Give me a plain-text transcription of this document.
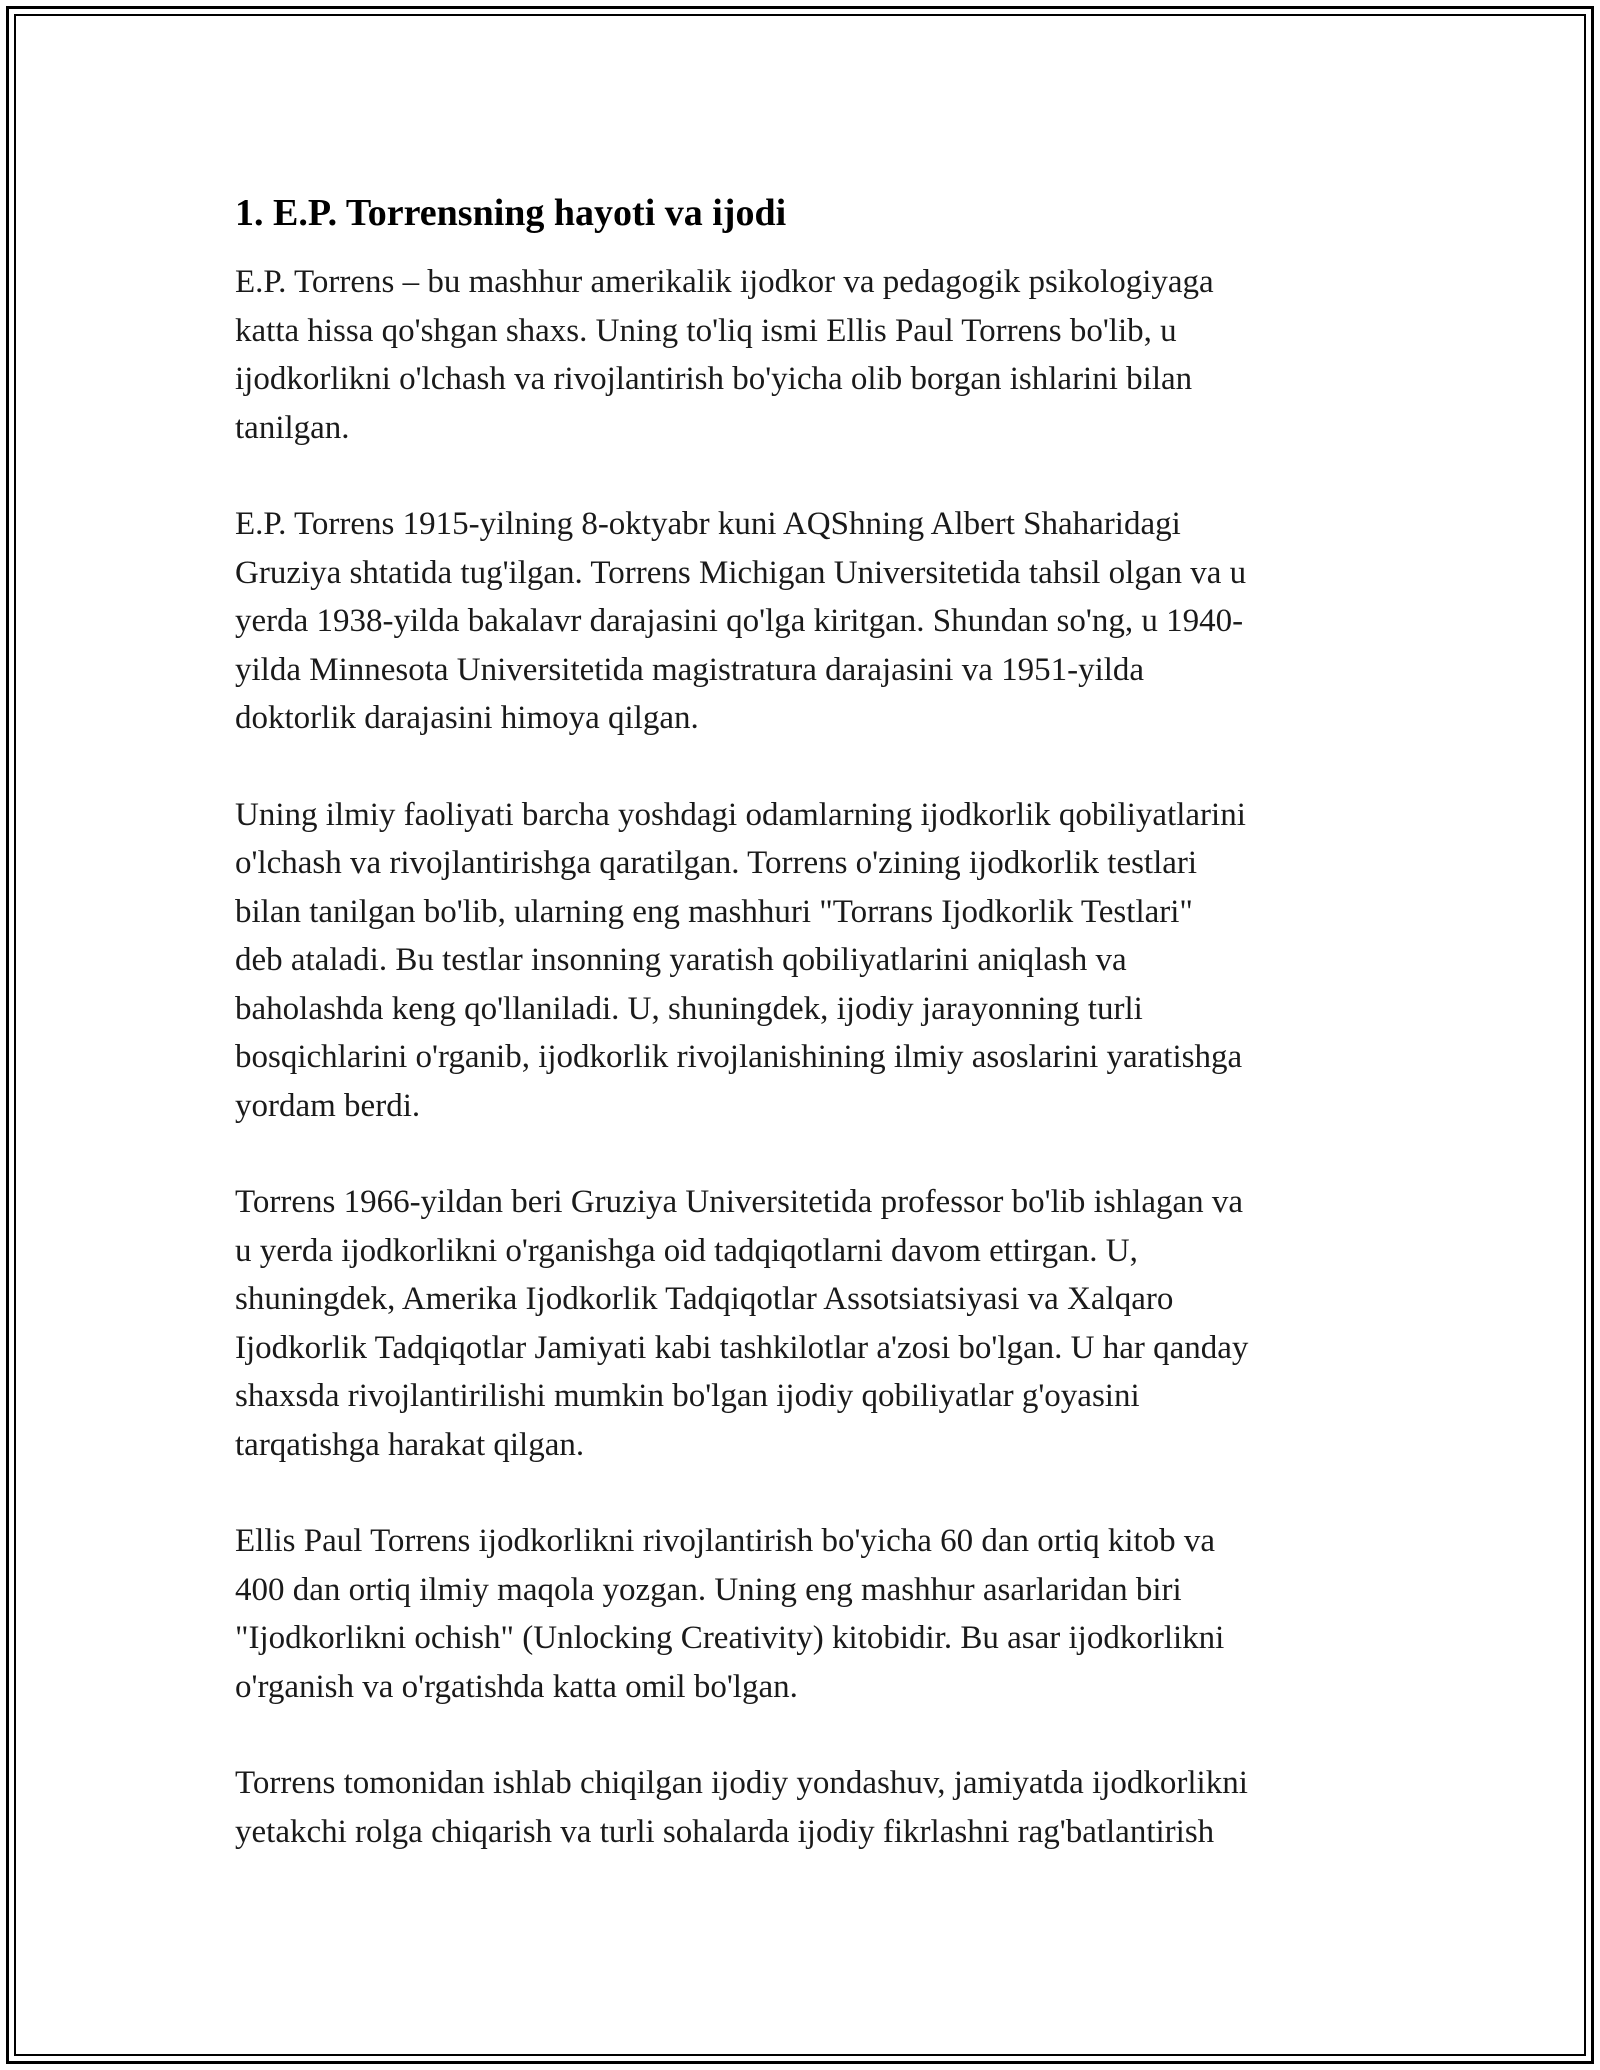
1. E.P. Torrensning hayoti va ijodi
E.P. Torrens – bu mashhur amerikalik ijodkor va pedagogik psikologiyaga
katta hissa qo'shgan shaxs. Uning to'liq ismi Ellis Paul Torrens bo'lib, u
ijodkorlikni o'lchash va rivojlantirish bo'yicha olib borgan ishlarini bilan
tanilgan.
E.P. Torrens 1915-yilning 8-oktyabr kuni AQShning Albert Shaharidagi
Gruziya shtatida tug'ilgan. Torrens Michigan Universitetida tahsil olgan va u
yerda 1938-yilda bakalavr darajasini qo'lga kiritgan. Shundan so'ng, u 1940-
yilda Minnesota Universitetida magistratura darajasini va 1951-yilda
doktorlik darajasini himoya qilgan.
Uning ilmiy faoliyati barcha yoshdagi odamlarning ijodkorlik qobiliyatlarini
o'lchash va rivojlantirishga qaratilgan. Torrens o'zining ijodkorlik testlari
bilan tanilgan bo'lib, ularning eng mashhuri "Torrans Ijodkorlik Testlari"
deb ataladi. Bu testlar insonning yaratish qobiliyatlarini aniqlash va
baholashda keng qo'llaniladi. U, shuningdek, ijodiy jarayonning turli
bosqichlarini o'rganib, ijodkorlik rivojlanishining ilmiy asoslarini yaratishga
yordam berdi.
Torrens 1966-yildan beri Gruziya Universitetida professor bo'lib ishlagan va
u yerda ijodkorlikni o'rganishga oid tadqiqotlarni davom ettirgan. U,
shuningdek, Amerika Ijodkorlik Tadqiqotlar Assotsiatsiyasi va Xalqaro
Ijodkorlik Tadqiqotlar Jamiyati kabi tashkilotlar a'zosi bo'lgan. U har qanday
shaxsda rivojlantirilishi mumkin bo'lgan ijodiy qobiliyatlar g'oyasini
tarqatishga harakat qilgan.
Ellis Paul Torrens ijodkorlikni rivojlantirish bo'yicha 60 dan ortiq kitob va
400 dan ortiq ilmiy maqola yozgan. Uning eng mashhur asarlaridan biri
"Ijodkorlikni ochish" (Unlocking Creativity) kitobidir. Bu asar ijodkorlikni
o'rganish va o'rgatishda katta omil bo'lgan.
Torrens tomonidan ishlab chiqilgan ijodiy yondashuv, jamiyatda ijodkorlikni
yetakchi rolga chiqarish va turli sohalarda ijodiy fikrlashni rag'batlantirish
